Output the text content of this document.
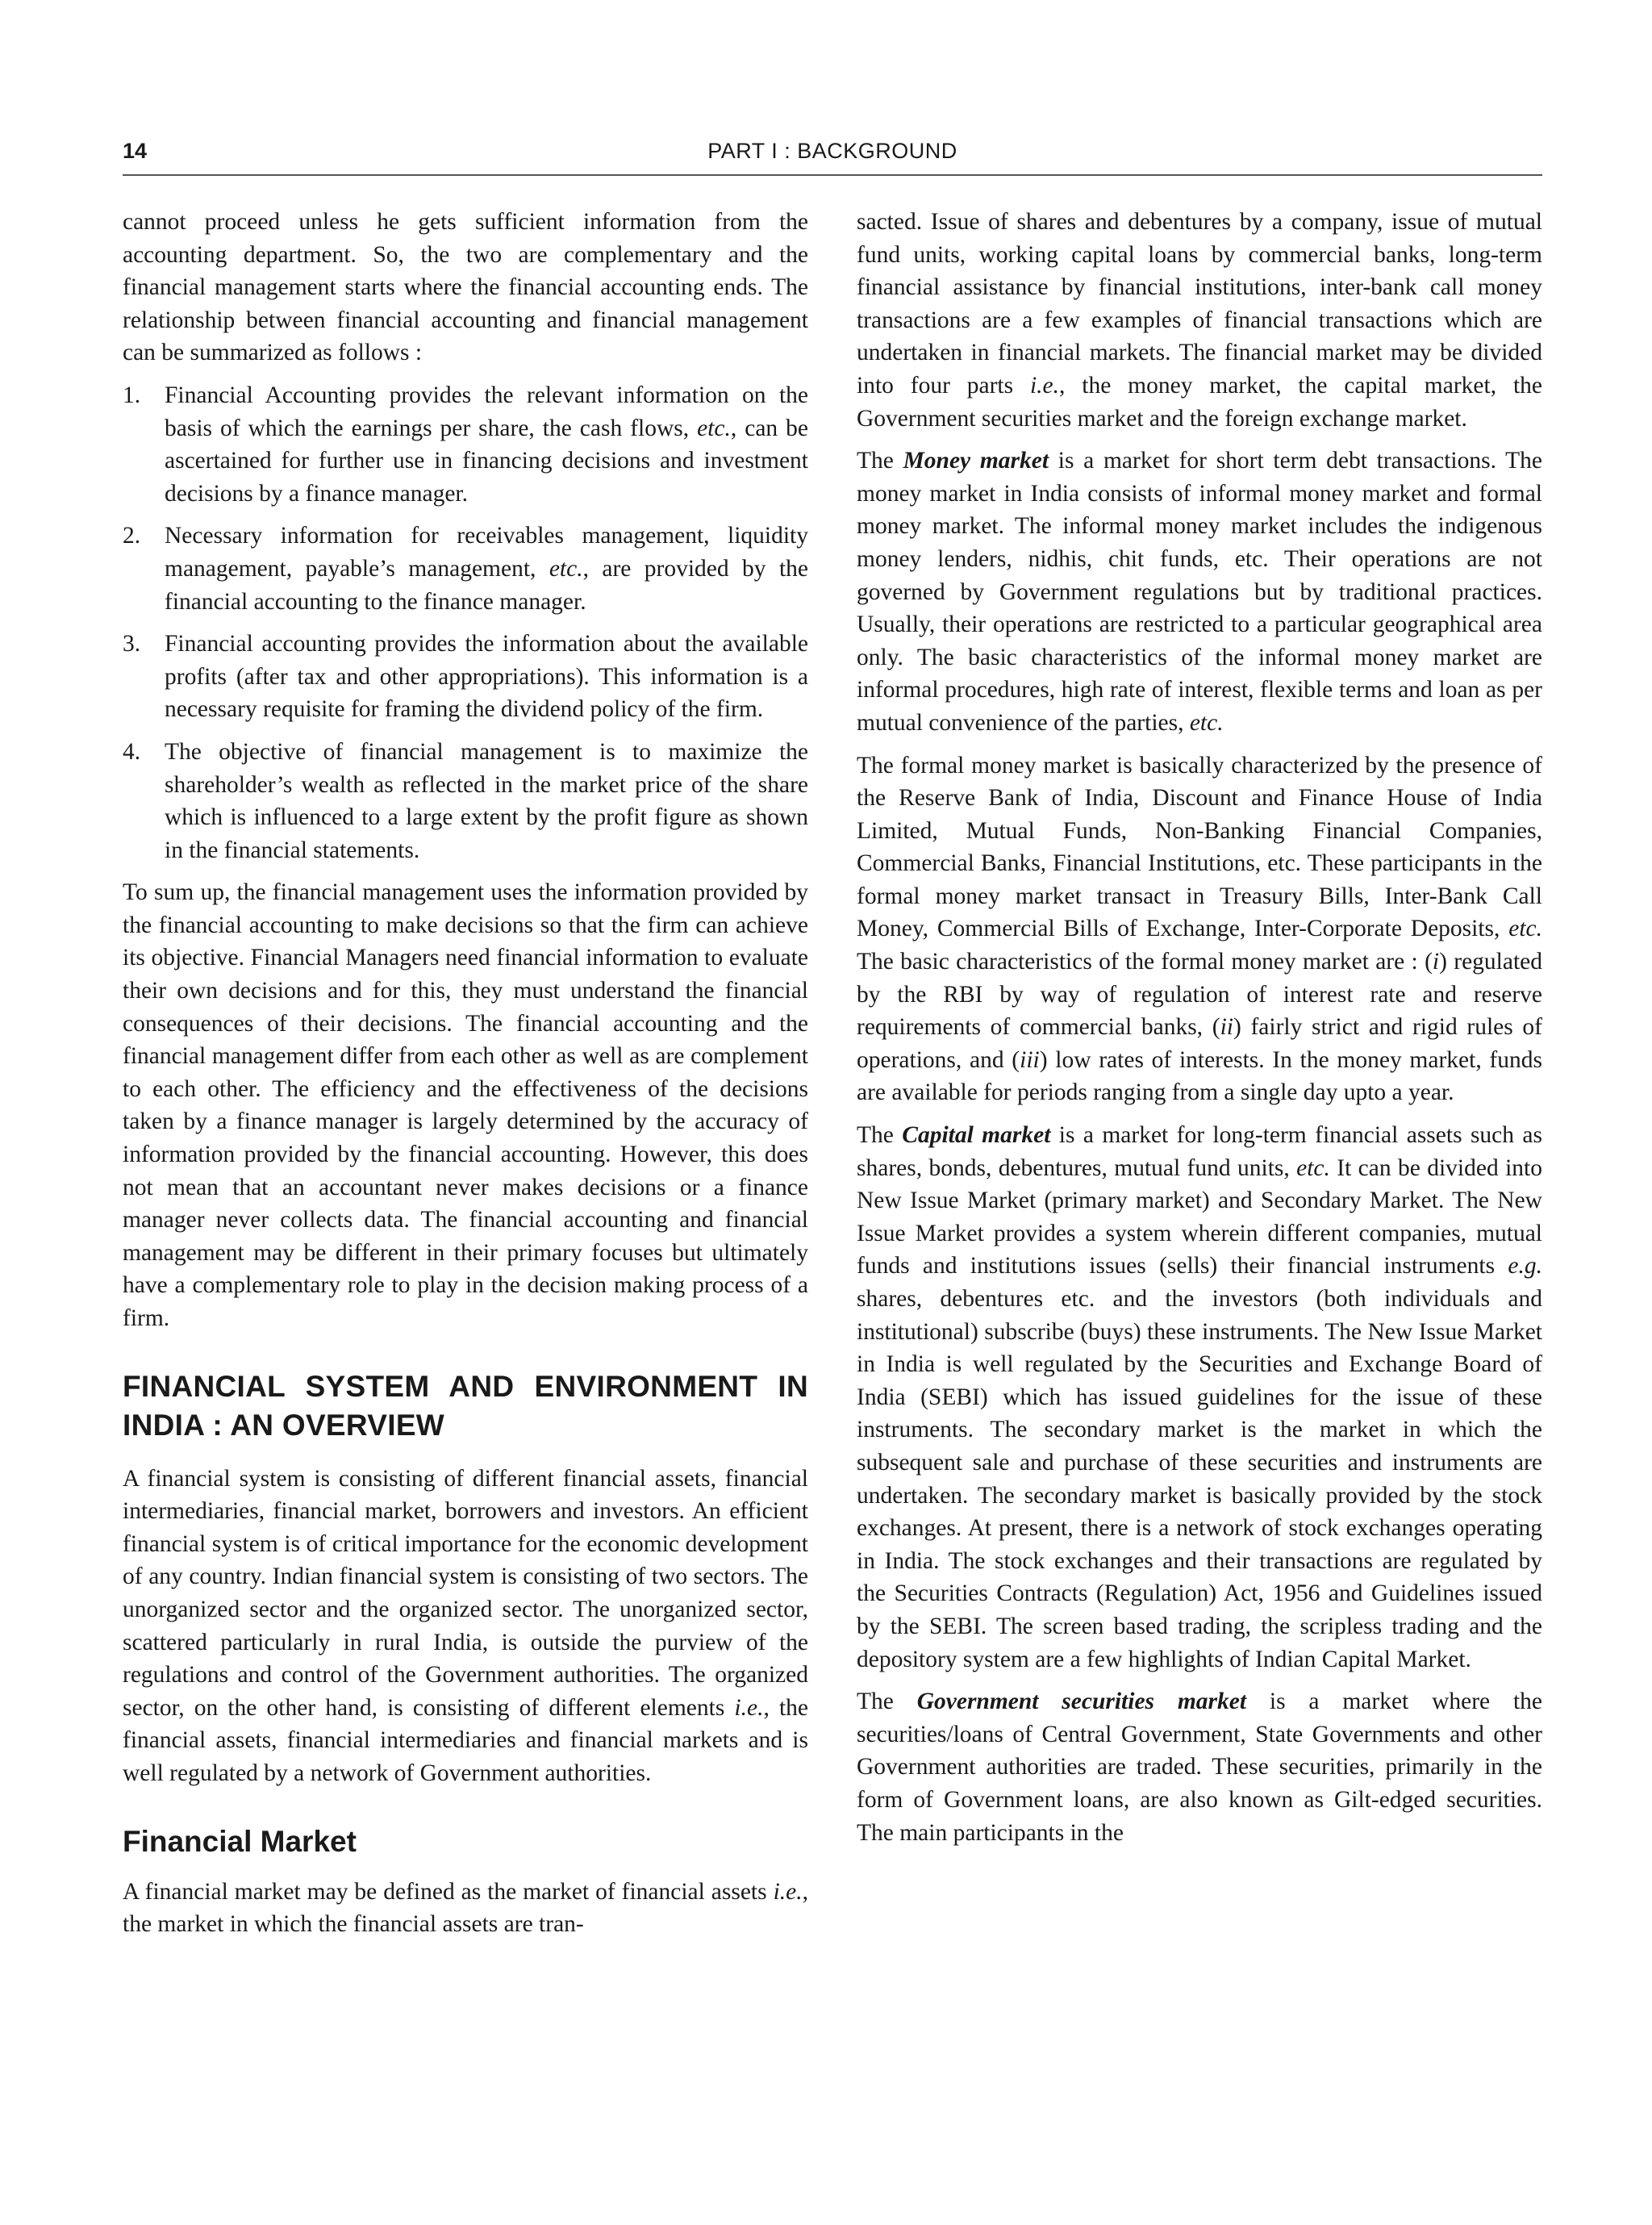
14	PART I : BACKGROUND

cannot proceed unless he gets sufficient information from the accounting department. So, the two are complementary and the financial management starts where the financial accounting ends. The relationship between financial accounting and financial management can be summarized as follows :

1. Financial Accounting provides the relevant information on the basis of which the earnings per share, the cash flows, etc., can be ascertained for further use in financing decisions and investment decisions by a finance manager.
2. Necessary information for receivables management, liquidity management, payable’s management, etc., are provided by the financial accounting to the finance manager.
3. Financial accounting provides the information about the available profits (after tax and other appropriations). This information is a necessary requisite for framing the dividend policy of the firm.
4. The objective of financial management is to maximize the shareholder’s wealth as reflected in the market price of the share which is influenced to a large extent by the profit figure as shown in the financial statements.

To sum up, the financial management uses the information provided by the financial accounting to make decisions so that the firm can achieve its objective. Financial Managers need financial information to evaluate their own decisions and for this, they must understand the financial consequences of their decisions. The financial accounting and the financial management differ from each other as well as are complement to each other. The efficiency and the effectiveness of the decisions taken by a finance manager is largely determined by the accuracy of information provided by the financial accounting. However, this does not mean that an accountant never makes decisions or a finance manager never collects data. The financial accounting and financial management may be different in their primary focuses but ultimately have a complementary role to play in the decision making process of a firm.

FINANCIAL SYSTEM AND ENVIRONMENT IN INDIA : AN OVERVIEW

A financial system is consisting of different financial assets, financial intermediaries, financial market, borrowers and investors. An efficient financial system is of critical importance for the economic development of any country. Indian financial system is consisting of two sectors. The unorganized sector and the organized sector. The unorganized sector, scattered particularly in rural India, is outside the purview of the regulations and control of the Government authorities. The organized sector, on the other hand, is consisting of different elements i.e., the financial assets, financial intermediaries and financial markets and is well regulated by a network of Government authorities.

Financial Market

A financial market may be defined as the market of financial assets i.e., the market in which the financial assets are tran-

sacted. Issue of shares and debentures by a company, issue of mutual fund units, working capital loans by commercial banks, long-term financial assistance by financial institutions, inter-bank call money transactions are a few examples of financial transactions which are undertaken in financial markets. The financial market may be divided into four parts i.e., the money market, the capital market, the Government securities market and the foreign exchange market.

The Money market is a market for short term debt transactions. The money market in India consists of informal money market and formal money market. The informal money market includes the indigenous money lenders, nidhis, chit funds, etc. Their operations are not governed by Government regulations but by traditional practices. Usually, their operations are restricted to a particular geographical area only. The basic characteristics of the informal money market are informal procedures, high rate of interest, flexible terms and loan as per mutual convenience of the parties, etc.

The formal money market is basically characterized by the presence of the Reserve Bank of India, Discount and Finance House of India Limited, Mutual Funds, Non-Banking Financial Companies, Commercial Banks, Financial Institutions, etc. These participants in the formal money market transact in Treasury Bills, Inter-Bank Call Money, Commercial Bills of Exchange, Inter-Corporate Deposits, etc. The basic characteristics of the formal money market are : (i) regulated by the RBI by way of regulation of interest rate and reserve requirements of commercial banks, (ii) fairly strict and rigid rules of operations, and (iii) low rates of interests. In the money market, funds are available for periods ranging from a single day upto a year.

The Capital market is a market for long-term financial assets such as shares, bonds, debentures, mutual fund units, etc. It can be divided into New Issue Market (primary market) and Secondary Market. The New Issue Market provides a system wherein different companies, mutual funds and institutions issues (sells) their financial instruments e.g. shares, debentures etc. and the investors (both individuals and institutional) subscribe (buys) these instruments. The New Issue Market in India is well regulated by the Securities and Exchange Board of India (SEBI) which has issued guidelines for the issue of these instruments. The secondary market is the market in which the subsequent sale and purchase of these securities and instruments are undertaken. The secondary market is basically provided by the stock exchanges. At present, there is a network of stock exchanges operating in India. The stock exchanges and their transactions are regulated by the Securities Contracts (Regulation) Act, 1956 and Guidelines issued by the SEBI. The screen based trading, the scripless trading and the depository system are a few highlights of Indian Capital Market.

The Government securities market is a market where the securities/loans of Central Government, State Governments and other Government authorities are traded. These securities, primarily in the form of Government loans, are also known as Gilt-edged securities. The main participants in the
